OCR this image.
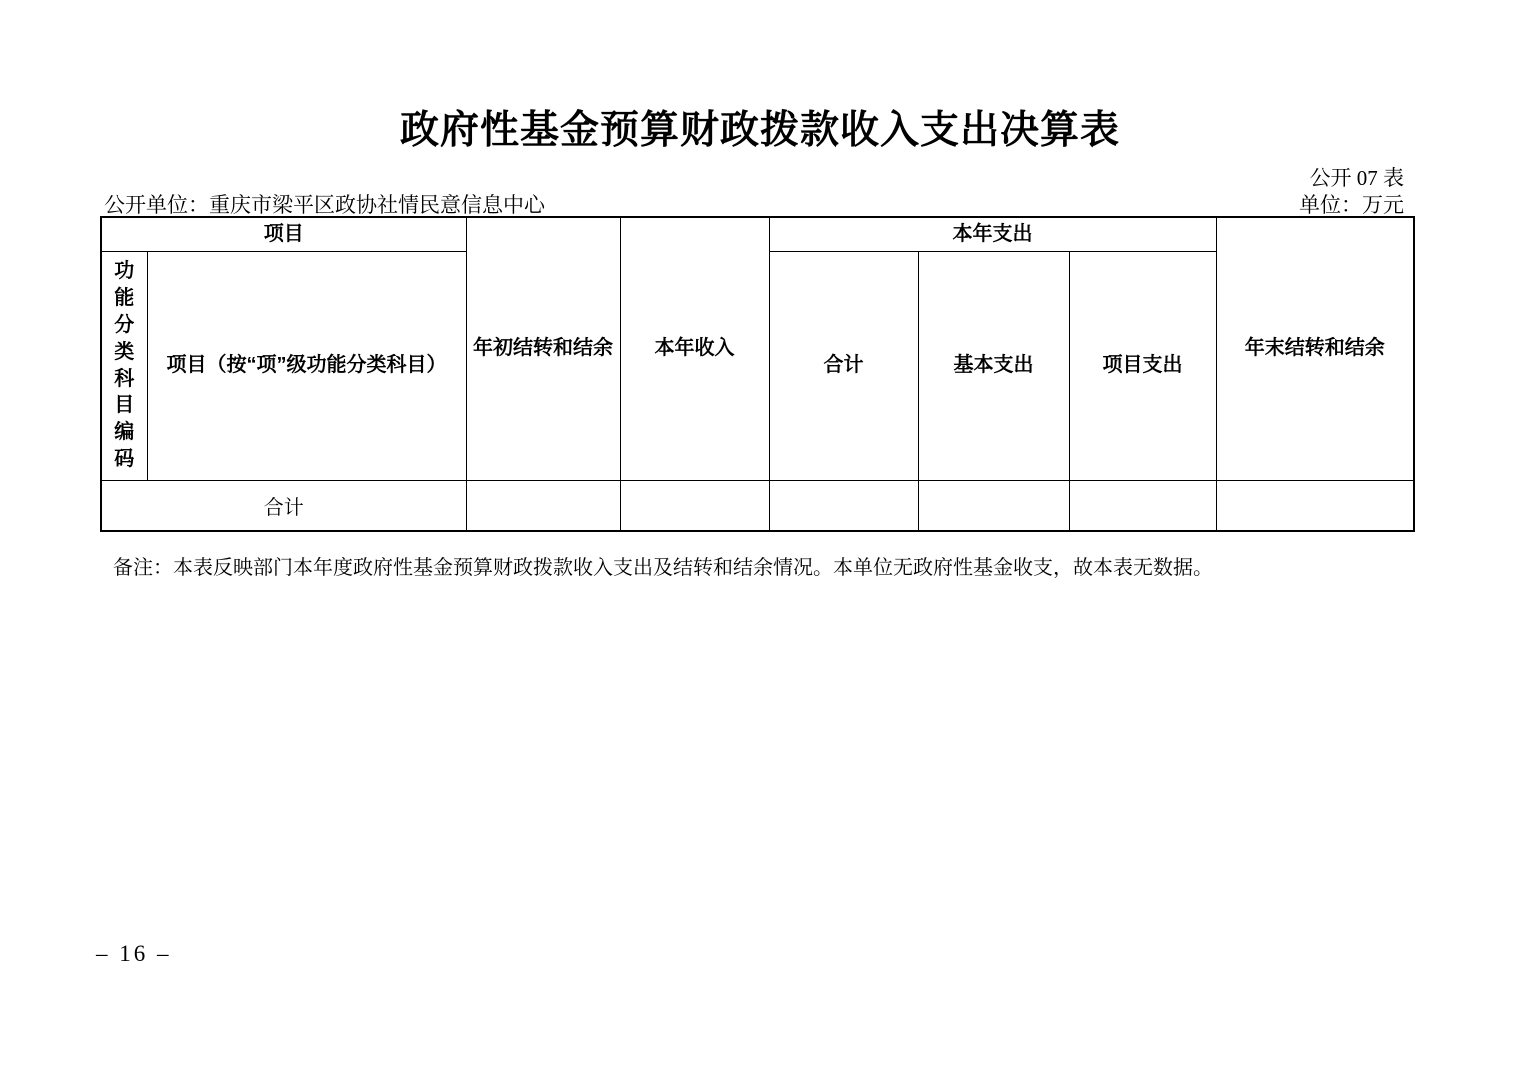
政府性基金预算财政拨款收入支出决算表
公开 07 表
公开单位：重庆市梁平区政协社情民意信息中心	单位：万元
项目		年初结转和结余	本年收入	本年支出			年末结转和结余

功能分类科目编码	项目（按“项”级功能分类科目）			合计	基本支出	项目支出	
合计							
备注：本表反映部门本年度政府性基金预算财政拨款收入支出及结转和结余情况。本单位无政府性基金收支，故本表无数据。
– 16 –
